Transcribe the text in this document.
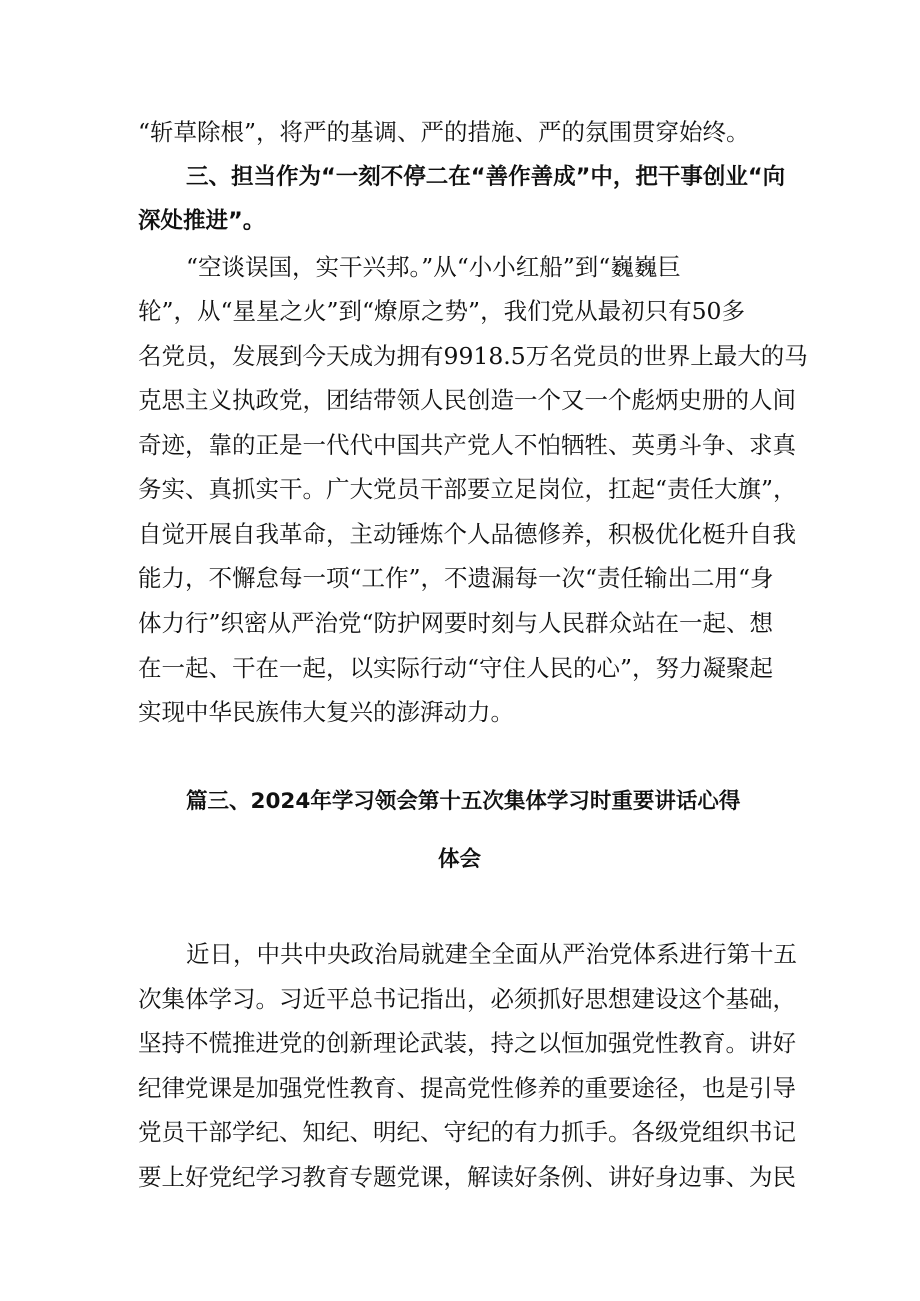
“斩草除根”，将严的基调、严的措施、严的氛围贯穿始终。

三、担当作为“一刻不停二在“善作善成”中，把干事创业“向

深处推进”。

“空谈误国，实干兴邦。”从“小小红船”到“巍巍巨

轮”，从“星星之火”到“燎原之势”，我们党从最初只有50多

名党员，发展到今天成为拥有9918.5万名党员的世界上最大的马

克思主义执政党，团结带领人民创造一个又一个彪炳史册的人间

奇迹，靠的正是一代代中国共产党人不怕牺牲、英勇斗争、求真

务实、真抓实干。广大党员干部要立足岗位，扛起“责任大旗”，

自觉开展自我革命，主动锤炼个人品德修养，积极优化梃升自我

能力，不懈怠每一项“工作”，不遗漏每一次“责任输出二用“身

体力行”织密从严治党“防护网要时刻与人民群众站在一起、想

在一起、干在一起，以实际行动“守住人民的心”，努力凝聚起

实现中华民族伟大复兴的澎湃动力。

篇三、2024年学习领会第十五次集体学习时重要讲话心得

体会

近日，中共中央政治局就建全全面从严治党体系进行第十五

次集体学习。习近平总书记指出，必须抓好思想建设这个基础，

坚持不慌推进党的创新理论武装，持之以恒加强党性教育。讲好

纪律党课是加强党性教育、提高党性修养的重要途径，也是引导

党员干部学纪、知纪、明纪、守纪的有力抓手。各级党组织书记

要上好党纪学习教育专题党课，解读好条例、讲好身边事、为民
